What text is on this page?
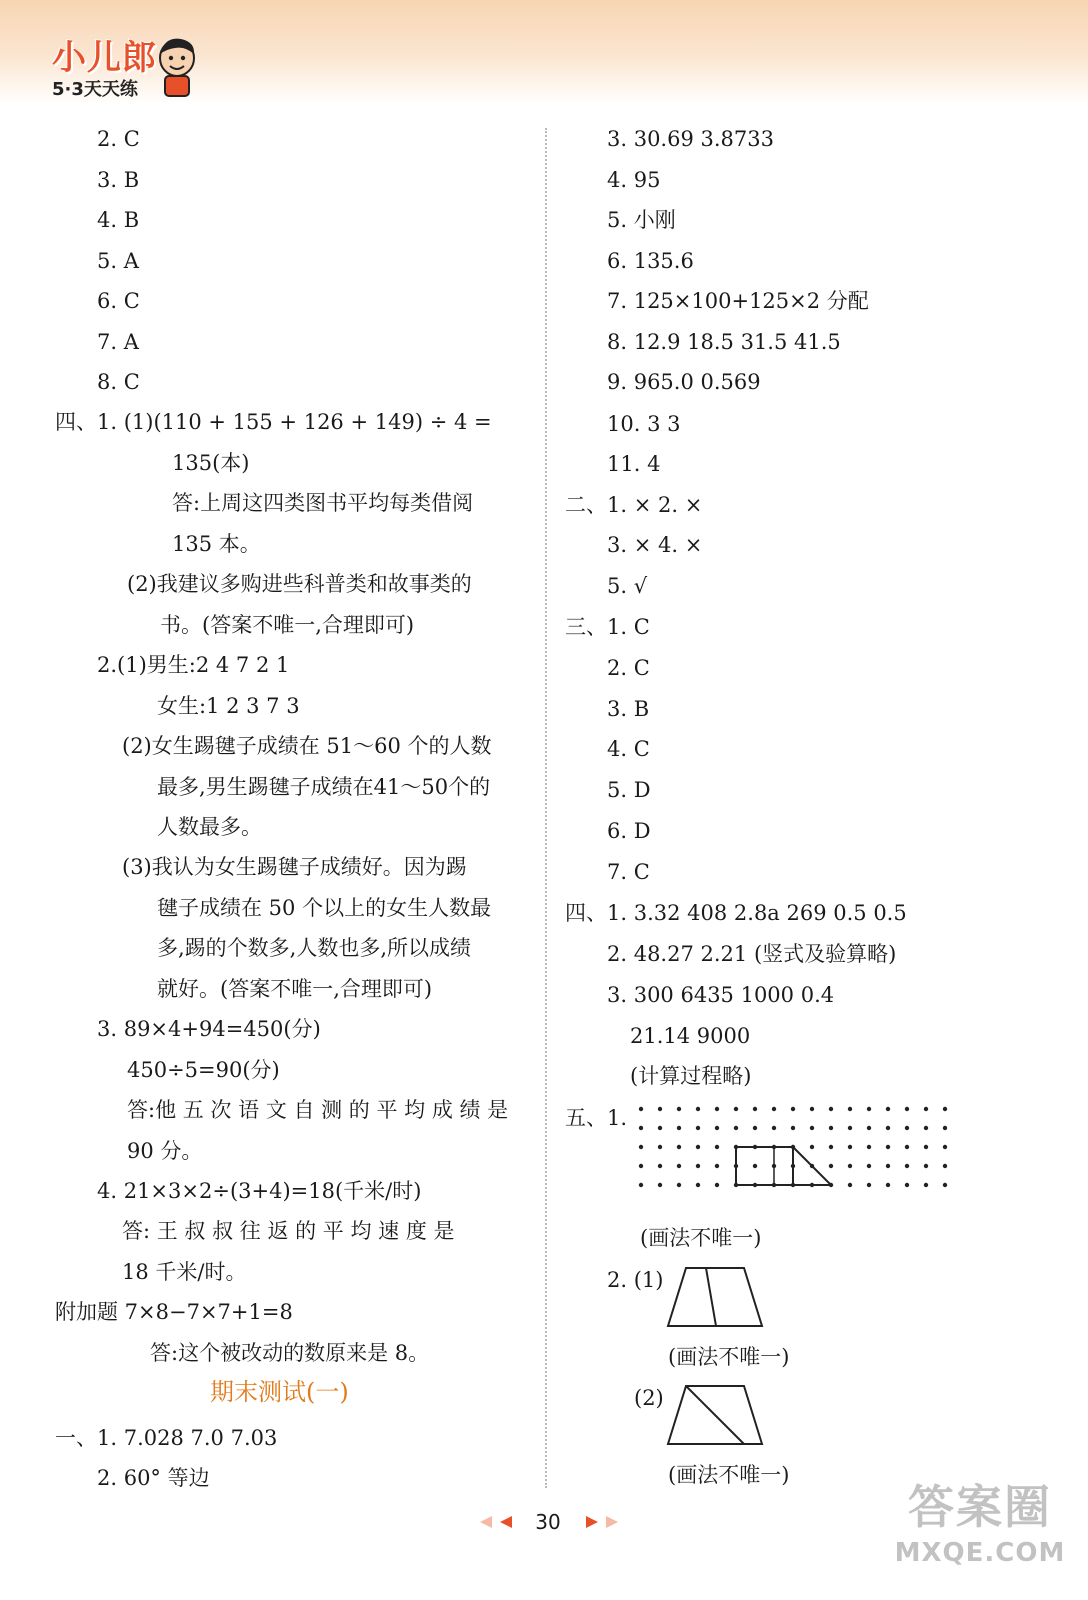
小儿郎
5·3天天练
2. C
3. B
4. B
5. A
6. C
7. A
8. C
四、1. (1)(110 + 155 + 126 + 149) ÷ 4 =
135(本)
答:上周这四类图书平均每类借阅
135 本。
(2)我建议多购进些科普类和故事类的
书。(答案不唯一,合理即可)
2.(1)男生:2 4 7 2 1
女生:1 2 3 7 3
(2)女生踢毽子成绩在 51～60 个的人数
最多,男生踢毽子成绩在41～50个的
人数最多。
(3)我认为女生踢毽子成绩好。因为踢
毽子成绩在 50 个以上的女生人数最
多,踢的个数多,人数也多,所以成绩
就好。(答案不唯一,合理即可)
3. 89×4+94=450(分)
450÷5=90(分)
答:他 五 次 语 文 自 测 的 平 均 成 绩 是
90 分。
4. 21×3×2÷(3+4)=18(千米/时)
答: 王 叔 叔 往 返 的 平 均 速 度 是
18 千米/时。
附加题 7×8−7×7+1=8
答:这个被改动的数原来是 8。
期末测试(一)
一、1. 7.028 7.0 7.03
2. 60° 等边
3. 30.69 3.8733
4. 95
5. 小刚
6. 135.6
7. 125×100+125×2 分配
8. 12.9 18.5 31.5 41.5
9. 965.0 0.569
10. 3 3
11. 4
二、1. × 2. ×
3. × 4. ×
5. √
三、1. C
2. C
3. B
4. C
5. D
6. D
7. C
四、1. 3.32 408 2.8a 269 0.5 0.5
2. 48.27 2.21 (竖式及验算略)
3. 300 6435 1000 0.4
21.14 9000
(计算过程略)
五、1.
(画法不唯一)
2. (1)
(画法不唯一)
(2)
(画法不唯一)
30	答案圈
MXQE.COM
